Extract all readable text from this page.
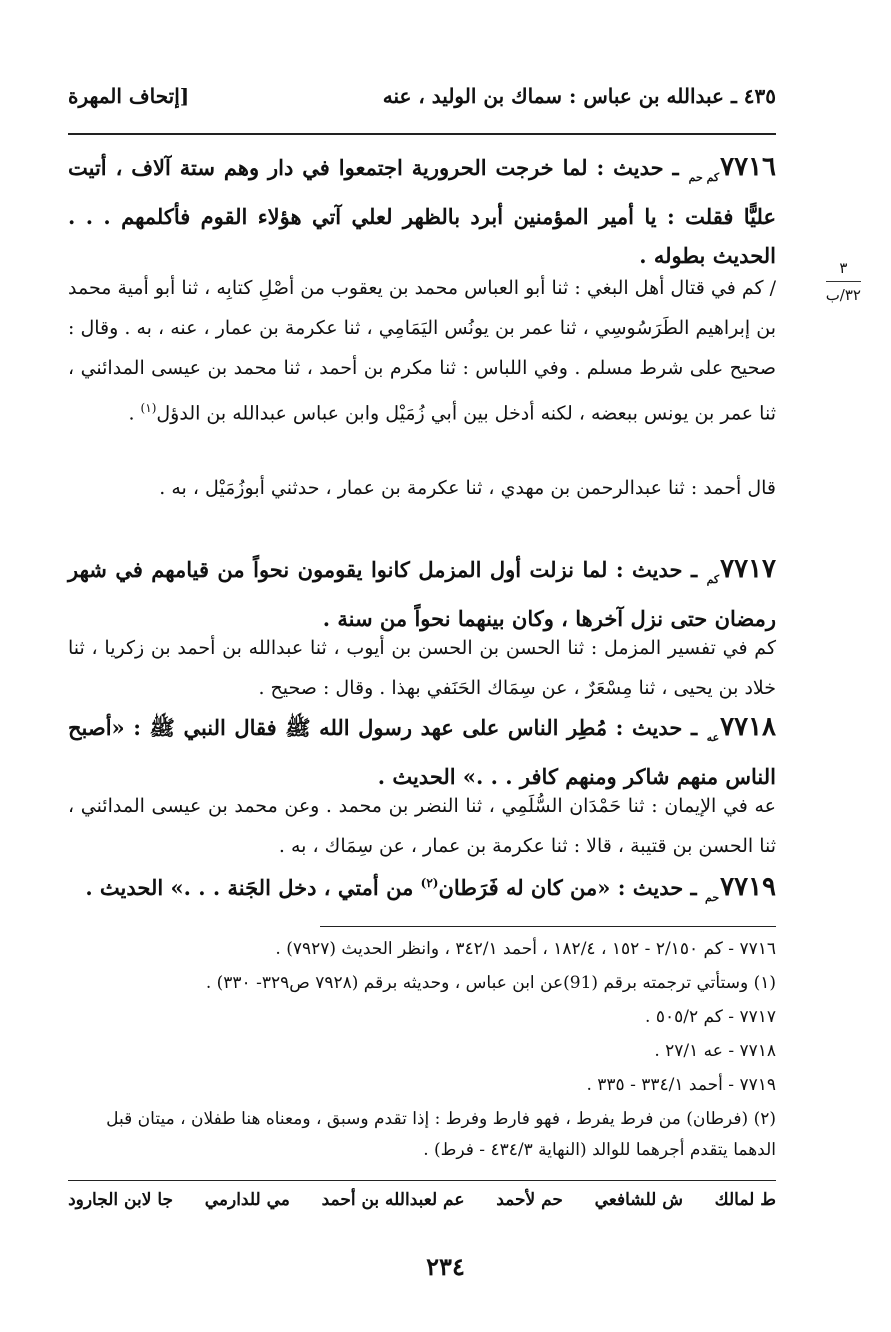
٤٣٥ ـ عبدالله بن عباس : سماك بن الوليد ، عنه
[إتحاف المهرة
٣
٣٢/ب
٧٧١٦كم حم ـ حديث : لما خرجت الحرورية اجتمعوا في دار وهم ستة آلاف ، أتيت عليًّا فقلت : يا أمير المؤمنين أبرد بالظهر لعلي آتي هؤلاء القوم فأكلمهم . . . الحديث بطوله .
/ كم في قتال أهل البغي : ثنا أبو العباس محمد بن يعقوب من أصْلِ كتابِه ، ثنا أبو أمية محمد بن إبراهيم الطَرَسُوسِي ، ثنا عمر بن يونُس اليَمَامِي ، ثنا عكرمة بن عمار ، عنه ، به . وقال : صحيح على شرط مسلم . وفي اللباس : ثنا مكرم بن أحمد ، ثنا محمد بن عيسى المدائني ، ثنا عمر بن يونس ببعضه ، لكنه أدخل بين أبي زُمَيْل وابن عباس عبدالله بن الدؤل$^{(١)}$ .
قال أحمد : ثنا عبدالرحمن بن مهدي ، ثنا عكرمة بن عمار ، حدثني أبوزُمَيْل ، به .
٧٧١٧كم ـ حديث : لما نزلت أول المزمل كانوا يقومون نحواً من قيامهم في شهر رمضان حتى نزل آخرها ، وكان بينهما نحواً من سنة .
كم في تفسير المزمل : ثنا الحسن بن الحسن بن أيوب ، ثنا عبدالله بن أحمد بن زكريا ، ثنا خلاد بن يحيى ، ثنا مِسْعَرٌ ، عن سِمَاك الحَنَفي بهذا . وقال : صحيح .
٧٧١٨عه ـ حديث : مُطِر الناس على عهد رسول الله ﷺ فقال النبي ﷺ : «أصبح الناس منهم شاكر ومنهم كافر . . .» الحديث .
عه في الإيمان : ثنا حَمْدَان السُّلَمِي ، ثنا النضر بن محمد . وعن محمد بن عيسى المدائني ، ثنا الحسن بن قتيبة ، قالا : ثنا عكرمة بن عمار ، عن سِمَاك ، به .
٧٧١٩حم ـ حديث : «من كان له فَرَطان$^{(٢)}$ من أمتي ، دخل الجَنة . . .» الحديث .
٧٧١٦ - كم ٢/١٥٠ - ١٥٢ ، ١٨٢/٤ ، أحمد ٣٤٢/١ ، وانظر الحديث (٧٩٢٧) .
(١) وستأتي ترجمته برقم (91)عن ابن عباس ، وحديثه برقم (٧٩٢٨ ص٣٢٩- ٣٣٠) .
٧٧١٧ - كم ٥٠٥/٢ .
٧٧١٨ - عه ٢٧/١ .
٧٧١٩ - أحمد ٣٣٤/١ - ٣٣٥ .
(٢) (فرطان) من فرط يفرط ، فهو فارط وفرط : إذا تقدم وسبق ، ومعناه هنا طفلان ، ميتان قبل الدهما يتقدم أجرهما للوالد (النهاية ٤٣٤/٣ - فرط) .
ط لمالك
ش للشافعي
حم لأحمد
عم لعبدالله بن أحمد
مي للدارمي
جا لابن الجارود
٢٣٤
